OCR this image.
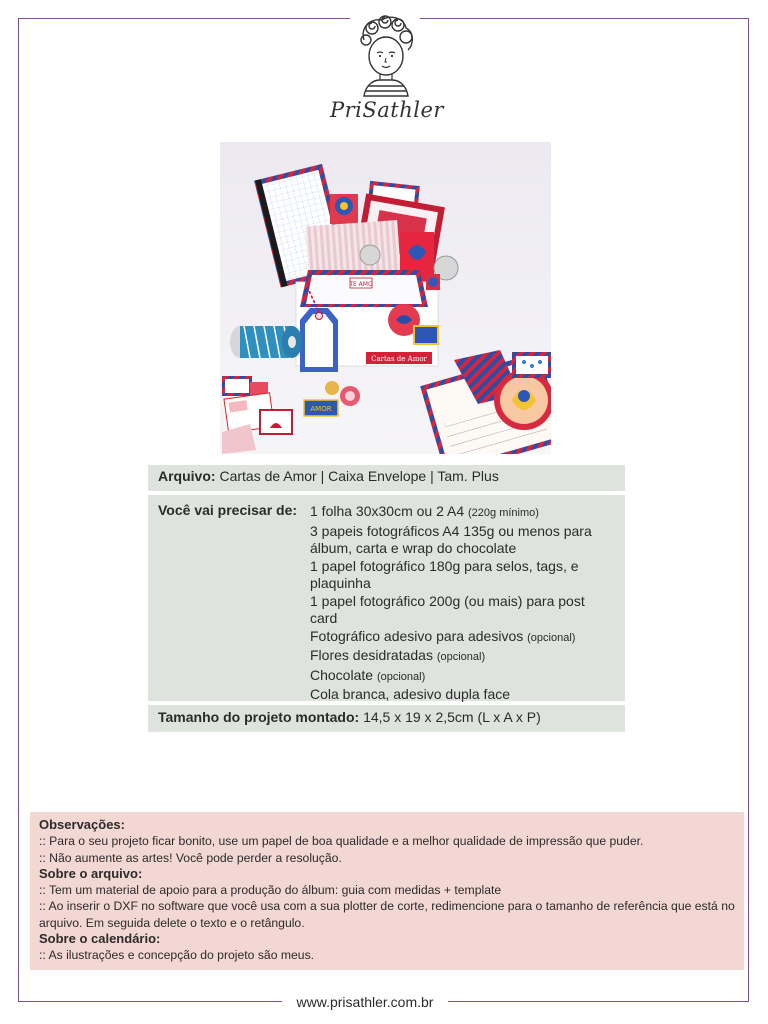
PriSathler
TE AMO
Cartas de Amor
AMOR
Arquivo: Cartas de Amor | Caixa Envelope | Tam. Plus
Você vai precisar de: 1 folha 30x30cm ou 2 A4 (220g mínimo)
3 papeis fotográficos A4 135g ou menos para álbum, carta e wrap do chocolate
1 papel fotográfico 180g para selos, tags, e plaquinha
1 papel fotográfico 200g (ou mais) para post card
Fotográfico adesivo para adesivos (opcional)
Flores desidratadas (opcional)
Chocolate (opcional)
Cola branca, adesivo dupla face
Tamanho do projeto montado: 14,5 x 19 x 2,5cm (L x A x P)
Observações:
:: Para o seu projeto ficar bonito, use um papel de boa qualidade e a melhor qualidade de impressão que puder.
:: Não aumente as artes! Você pode perder a resolução.
Sobre o arquivo:
:: Tem um material de apoio para a produção do álbum: guia com medidas + template
:: Ao inserir o DXF no software que você usa com a sua plotter de corte, redimencione para o tamanho de referência que está no arquivo. Em seguida delete o texto e o retângulo.
Sobre o calendário:
:: As ilustrações e concepção do projeto são meus.
www.prisathler.com.br
